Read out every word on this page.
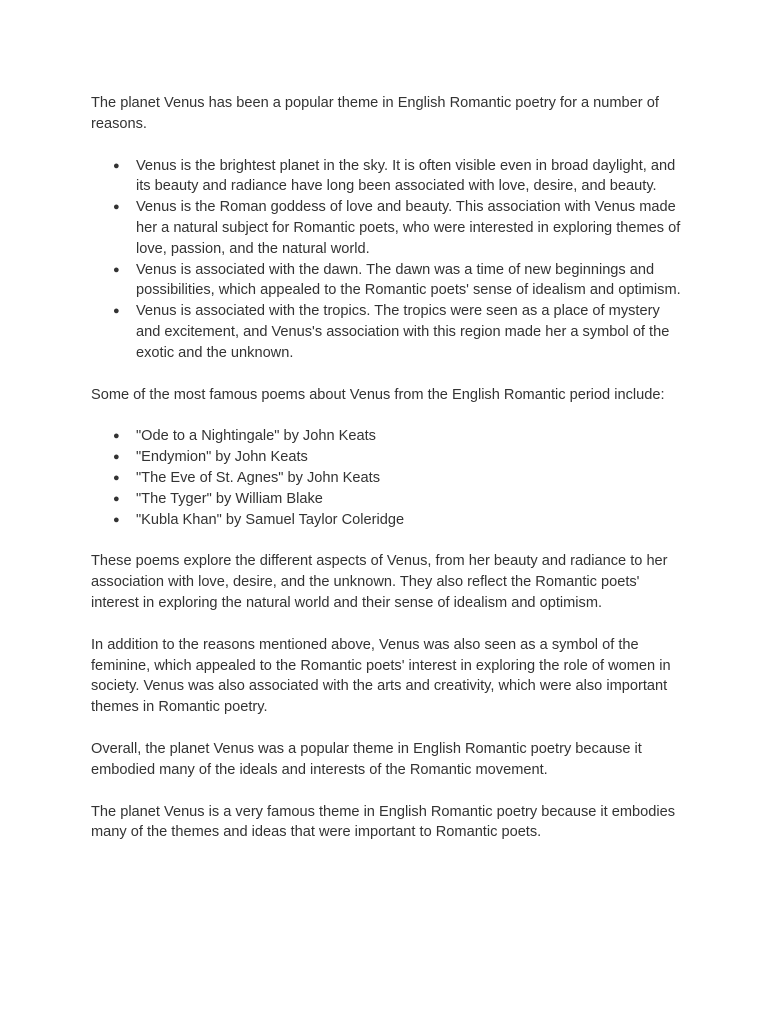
The planet Venus has been a popular theme in English Romantic poetry for a number of reasons.

● Venus is the brightest planet in the sky. It is often visible even in broad daylight, and its beauty and radiance have long been associated with love, desire, and beauty.
● Venus is the Roman goddess of love and beauty. This association with Venus made her a natural subject for Romantic poets, who were interested in exploring themes of love, passion, and the natural world.
● Venus is associated with the dawn. The dawn was a time of new beginnings and possibilities, which appealed to the Romantic poets' sense of idealism and optimism.
● Venus is associated with the tropics. The tropics were seen as a place of mystery and excitement, and Venus's association with this region made her a symbol of the exotic and the unknown.

Some of the most famous poems about Venus from the English Romantic period include:

● "Ode to a Nightingale" by John Keats
● "Endymion" by John Keats
● "The Eve of St. Agnes" by John Keats
● "The Tyger" by William Blake
● "Kubla Khan" by Samuel Taylor Coleridge

These poems explore the different aspects of Venus, from her beauty and radiance to her association with love, desire, and the unknown. They also reflect the Romantic poets' interest in exploring the natural world and their sense of idealism and optimism.

In addition to the reasons mentioned above, Venus was also seen as a symbol of the feminine, which appealed to the Romantic poets' interest in exploring the role of women in society. Venus was also associated with the arts and creativity, which were also important themes in Romantic poetry.

Overall, the planet Venus was a popular theme in English Romantic poetry because it embodied many of the ideals and interests of the Romantic movement.

The planet Venus is a very famous theme in English Romantic poetry because it embodies many of the themes and ideas that were important to Romantic poets.
